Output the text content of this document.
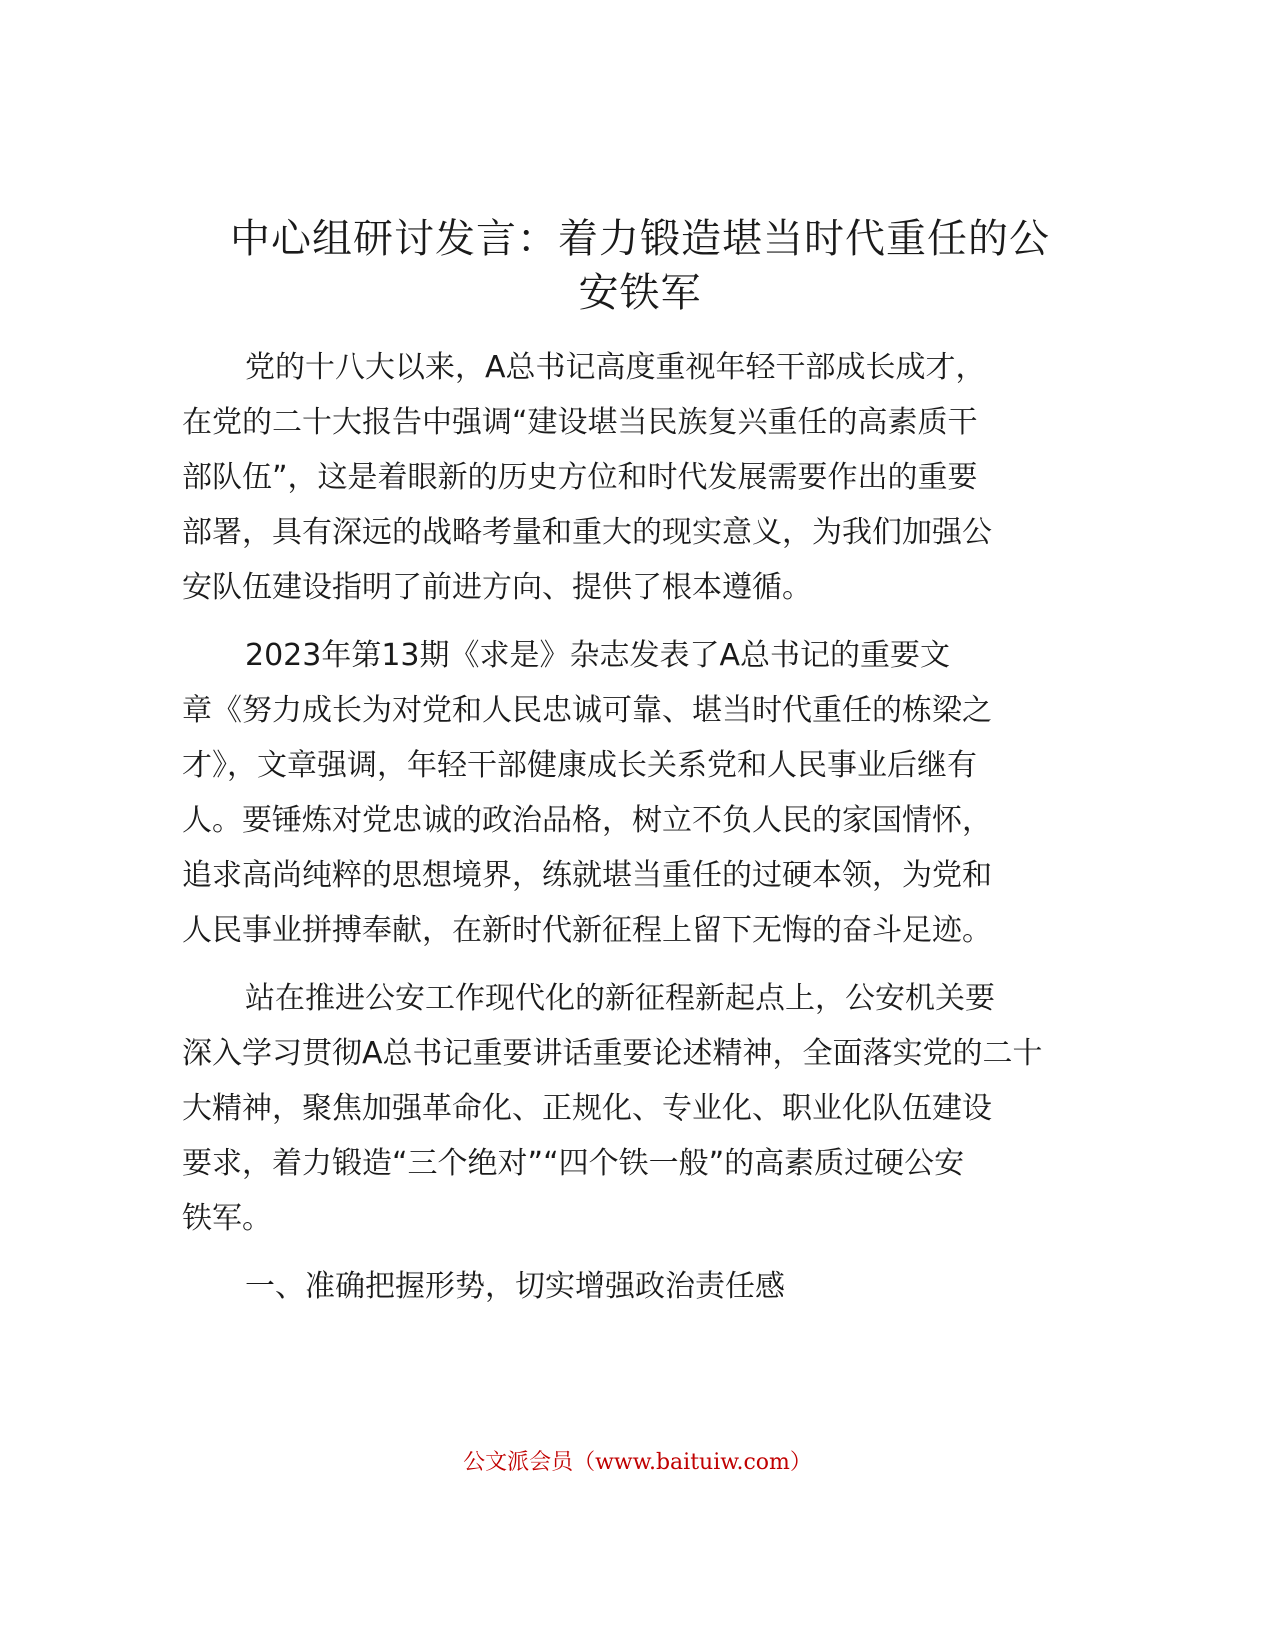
中心组研讨发言：着力锻造堪当时代重任的公
安铁军
党的十八大以来，A总书记高度重视年轻干部成长成才，
在党的二十大报告中强调“建设堪当民族复兴重任的高素质干
部队伍”，这是着眼新的历史方位和时代发展需要作出的重要
部署，具有深远的战略考量和重大的现实意义，为我们加强公
安队伍建设指明了前进方向、提供了根本遵循。
2023年第13期《求是》杂志发表了A总书记的重要文
章《努力成长为对党和人民忠诚可靠、堪当时代重任的栋梁之
才》，文章强调，年轻干部健康成长关系党和人民事业后继有
人。要锤炼对党忠诚的政治品格，树立不负人民的家国情怀，
追求高尚纯粹的思想境界，练就堪当重任的过硬本领，为党和
人民事业拼搏奉献，在新时代新征程上留下无悔的奋斗足迹。
站在推进公安工作现代化的新征程新起点上，公安机关要
深入学习贯彻A总书记重要讲话重要论述精神，全面落实党的二十
大精神，聚焦加强革命化、正规化、专业化、职业化队伍建设
要求，着力锻造“三个绝对”“四个铁一般”的高素质过硬公安
铁军。
一、准确把握形势，切实增强政治责任感
公文派会员（www.baituiw.com）
